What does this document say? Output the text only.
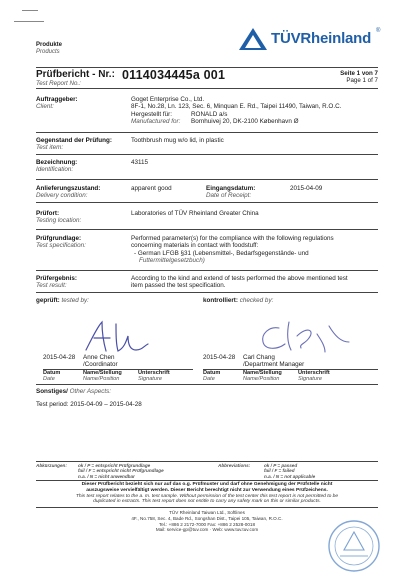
Produkte
Products
TÜVRheinland ®
Prüfbericht - Nr.:
Test Report No.:
0114034445a 001	Seite 1 von 7
Page 1 of 7
Auftraggeber:
Client:
Goget Enterprise Co., Ltd.
8F-1, No.28, Ln. 123, Sec. 6, Minquan E. Rd., Taipei 11490, Taiwan, R.O.C.
Hergestellt für:
Manufactured for:
RONALD a/s
Bornhuivej 20, DK-2100 København Ø
Gegenstand der Prüfung:
Test item:
Toothbrush mug w/o lid, in plastic
Bezeichnung:
Identification:
43115
Anlieferungszustand:
Delivery condition:
apparent good	Eingangsdatum:
Date of Receipt:
2015-04-09
Prüfort:
Testing location:
Laboratories of TÜV Rheinland Greater China
Prüfgrundlage:
Test specification:
Performed parameter(s) for the compliance with the following regulations
concerning materials in contact with foodstuff:
- German LFGB §31 (Lebensmittel-, Bedarfsgegenstände- und
Futtermittelgesetzbuch)
Prüfergebnis:
Test result:
According to the kind and extend of tests performed the above mentioned test
item passed the test specification.
geprüft: tested by:	kontrolliert: checked by:
2015-04-28 Anne Chen
/Coordinator
2015-04-28 Carl Chang
/Department Manager
Datum
Date
Name/Stellung
Name/Position
Unterschrift
Signature
Datum
Date
Name/Stellung
Name/Position
Unterschrift
Signature
Sonstiges/ Other Aspects:
Test period: 2015-04-09 – 2015-04-28
Abkürzungen:	ok / P = entspricht Prüfgrundlage
fail / F = entspricht nicht Prüfgrundlage
n.a. / N = nicht anwendbar
Abbreviations:	ok / P = passed
fail / F = failed
n.a. / N = not applicable
Dieser Prüfbericht bezieht sich nur auf das o.g. Prüfmuster und darf ohne Genehmigung der Prüfstelle nicht
auszugsweise vervielfältigt werden. Dieser Bericht berechtigt nicht zur Verwendung eines Prüfzeichens.
This test report relates to the a. m. test sample. Without permission of the test center this test report is not permitted to be
duplicated in extracts. This test report does not entitle to carry any safety mark on this or similar products.
TÜV Rheinland Taiwan Ltd., Softlines
4F., No.758, Sec. 4, Bade Rd., Songshan Dist., Taipei 105, Taiwan, R.O.C.
Tel.: +886 2 2172-7000 Fax: +886 2 2528-0018
Mail: service-gp@tuv.com · Web: www.tuv.tuv.com
